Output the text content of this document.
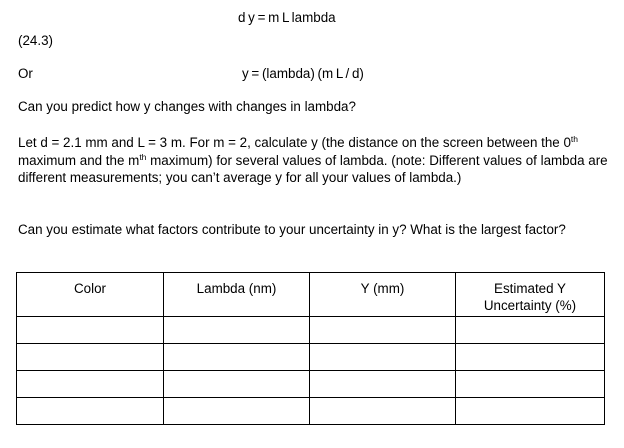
d y = m L lambda
(24.3)
Or	y = (lambda) (m L / d)
Can you predict how y changes with changes in lambda?
Let d = 2.1 mm and L = 3 m. For m = 2, calculate y (the distance on the screen between the 0th maximum and the $m^{th}$ maximum) for several values of lambda. (note: Different values of lambda are different measurements; you can’t average y for all your values of lambda.)
Can you estimate what factors contribute to your uncertainty in y? What is the largest factor?
Color	Lambda (nm)	Y (mm)	Estimated Y Uncertainty (%)
